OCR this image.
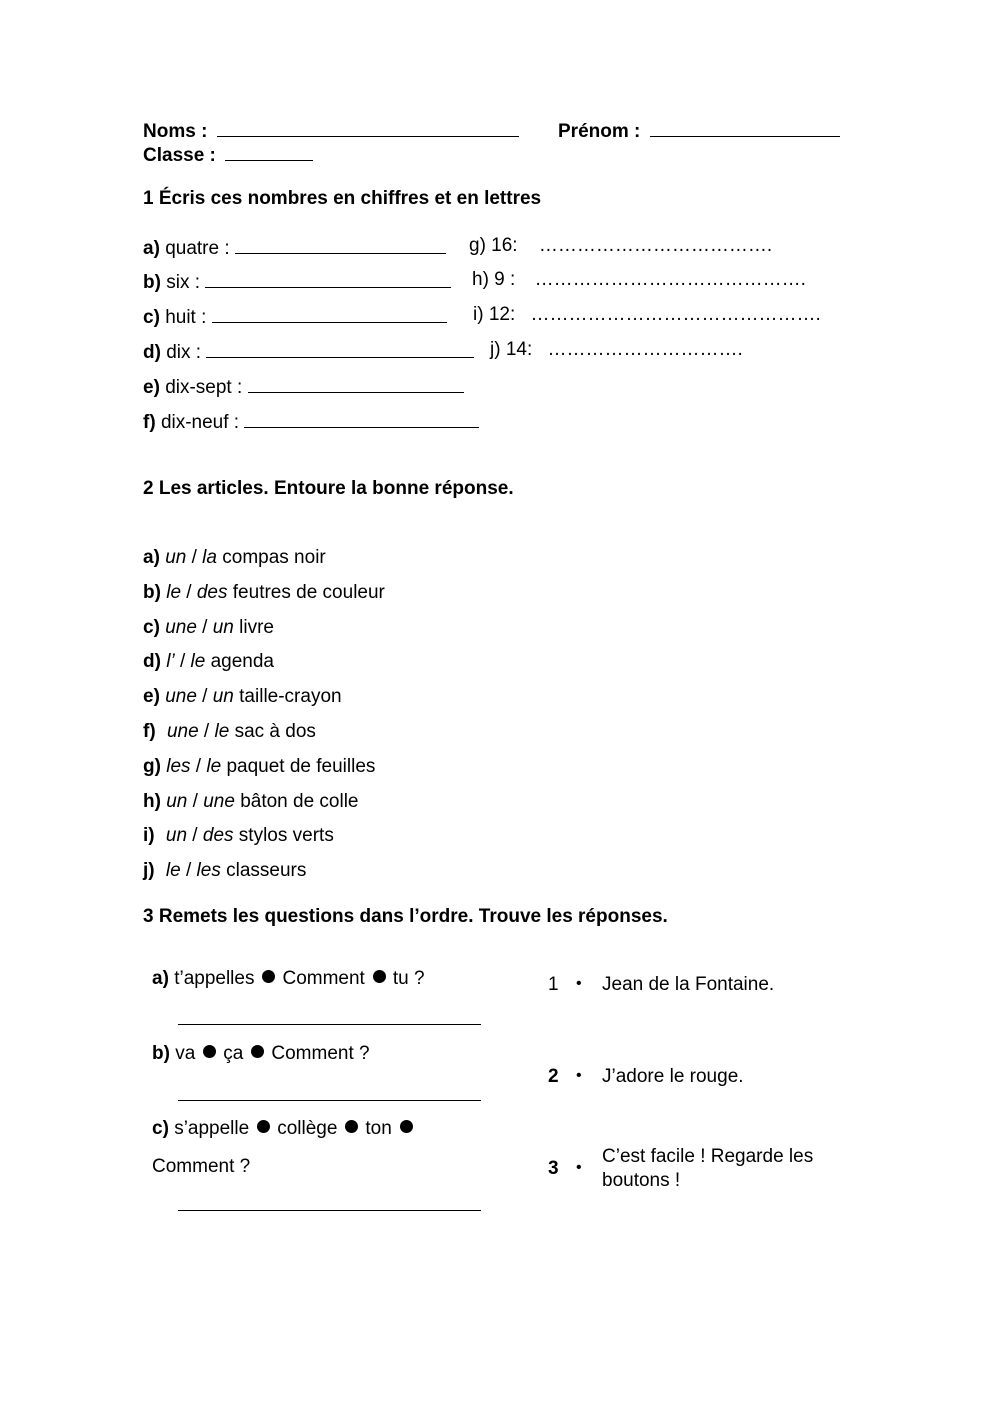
Noms :	Prénom :
Classe :
1 Écris ces nombres en chiffres et en lettres
a) quatre :
b) six :
c) huit :
d) dix :
e) dix-sept :
f) dix-neuf :
g) 16: ……………………………….
h) 9 : …………………………………….
i) 12: ……………………………………….
j) 14: ………………………….
2 Les articles. Entoure la bonne réponse.
a) un / la compas noir
b) le / des feutres de couleur
c) une / un livre
d) l’ / le agenda
e) une / un taille-crayon
f) une / le sac à dos
g) les / le paquet de feuilles
h) un / une bâton de colle
i) un / des stylos verts
j) le / les classeurs
3 Remets les questions dans l’ordre. Trouve les réponses.
a) t’appelles Comment tu ?
b) va ça Comment ?
c) s’appelle collège ton
Comment ?
1 • Jean de la Fontaine.
2 • J’adore le rouge.
3 •
C’est facile ! Regarde les
boutons !
